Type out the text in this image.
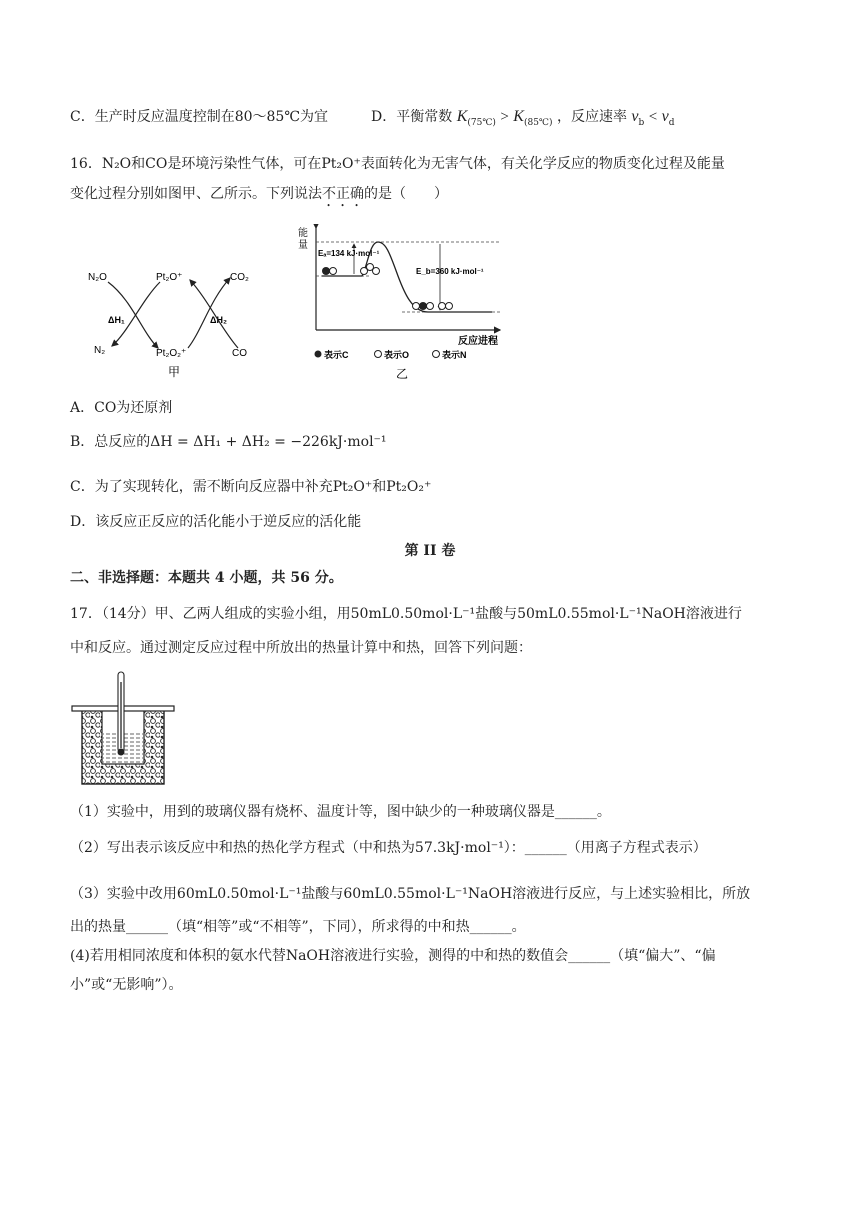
C．生产时反应温度控制在80～85℃为宜	D．平衡常数 $K_{(75℃)} > K_{(85℃)}$ ，反应速率 $v_b < v_d$
16．N₂O和CO是环境污染性气体，可在Pt₂O⁺表面转化为无害气体，有关化学反应的物质变化过程及能量
变化过程分别如图甲、乙所示。下列说法不正确的是（　　）
N₂O	Pt₂O⁺	CO₂
ΔH₁	ΔH₂
N₂	Pt₂O₂⁺	CO
甲
能
量
Eₐ=134 kJ·mol⁻¹
E_b=360 kJ·mol⁻¹
反应进程
表示C	表示O	表示N
乙
A．CO为还原剂
B．总反应的ΔH = ΔH₁ + ΔH₂ = −226kJ·mol⁻¹
C．为了实现转化，需不断向反应器中补充Pt₂O⁺和Pt₂O₂⁺
D．该反应正反应的活化能小于逆反应的活化能
第 II 卷
二、非选择题：本题共 4 小题，共 56 分。
17．（14分）甲、乙两人组成的实验小组，用50mL0.50mol·L⁻¹盐酸与50mL0.55mol·L⁻¹NaOH溶液进行
中和反应。通过测定反应过程中所放出的热量计算中和热，回答下列问题：
（1）实验中，用到的玻璃仪器有烧杯、温度计等，图中缺少的一种玻璃仪器是______。
（2）写出表示该反应中和热的热化学方程式（中和热为57.3kJ·mol⁻¹）：______（用离子方程式表示）
（3）实验中改用60mL0.50mol·L⁻¹盐酸与60mL0.55mol·L⁻¹NaOH溶液进行反应，与上述实验相比，所放
出的热量______（填“相等”或“不相等”，下同），所求得的中和热______。
(4)若用相同浓度和体积的氨水代替NaOH溶液进行实验，测得的中和热的数值会______（填“偏大”、“偏
小”或“无影响”）。
